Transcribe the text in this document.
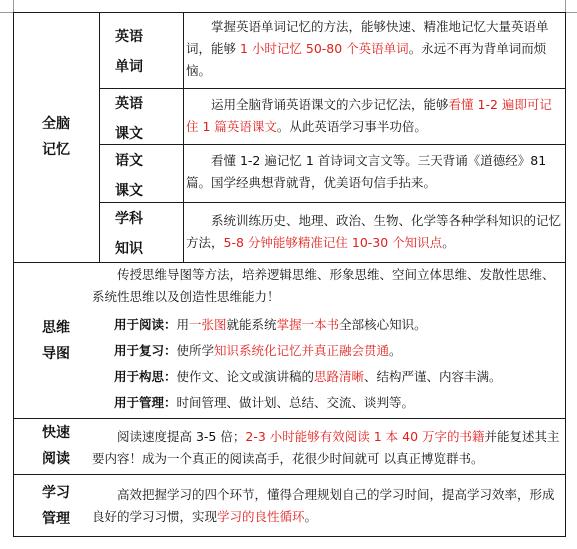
全脑
记忆
英语
单词
掌握英语单词记忆的方法，能够快速、精准地记忆大量英语单词，能够 1 小时记忆 50-80 个英语单词。永远不再为背单词而烦恼。
英语
课文
运用全脑背诵英语课文的六步记忆法，能够看懂 1-2 遍即可记住 1 篇英语课文。从此英语学习事半功倍。
语文
课文
看懂 1-2 遍记忆 1 首诗词文言文等。三天背诵《道德经》81 篇。国学经典想背就背，优美语句信手拈来。
学科
知识
系统训练历史、地理、政治、生物、化学等各种学科知识的记忆方法，5-8 分钟能够精准记住 10-30 个知识点。
思维
导图
传授思维导图等方法，培养逻辑思维、形象思维、空间立体思维、发散性思维、系统性思维以及创造性思维能力！
用于阅读：用一张图就能系统掌握一本书全部核心知识。
用于复习：使所学知识系统化记忆并真正融会贯通。
用于构思：使作文、论文或演讲稿的思路清晰、结构严谨、内容丰满。
用于管理：时间管理、做计划、总结、交流、谈判等。
快速
阅读
阅读速度提高 3-5 倍；2-3 小时能够有效阅读 1 本 40 万字的书籍并能复述其主要内容！成为一个真正的阅读高手，花很少时间就可 以真正博览群书。
学习
管理
高效把握学习的四个环节，懂得合理规划自己的学习时间，提高学习效率，形成良好的学习习惯，实现学习的良性循环。
